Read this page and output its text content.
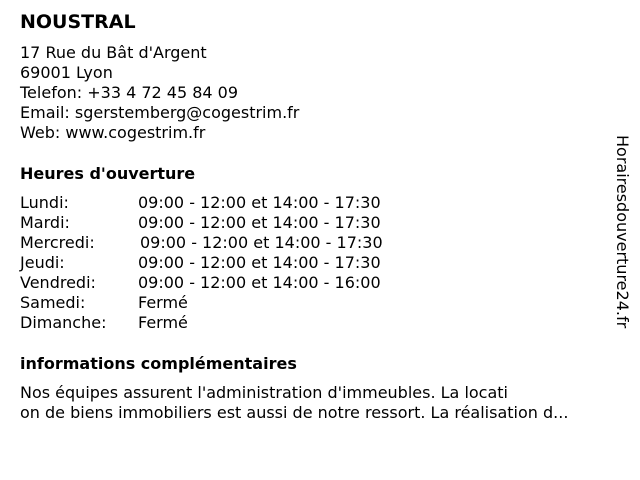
NOUSTRAL
17 Rue du Bât d'Argent
69001 Lyon
Telefon: +33 4 72 45 84 09
Email: sgerstemberg@cogestrim.fr
Web: www.cogestrim.fr
Heures d'ouverture
Lundi:	09:00 - 12:00 et 14:00 - 17:30
Mardi:	09:00 - 12:00 et 14:00 - 17:30
Mercredi:	09:00 - 12:00 et 14:00 - 17:30
Jeudi:	09:00 - 12:00 et 14:00 - 17:30
Vendredi:	09:00 - 12:00 et 14:00 - 16:00
Samedi:	Fermé
Dimanche: Fermé
informations complémentaires
Nos équipes assurent l'administration d'immeubles. La locati
on de biens immobiliers est aussi de notre ressort. La réalisation d...
Horairesdouverture24.fr
